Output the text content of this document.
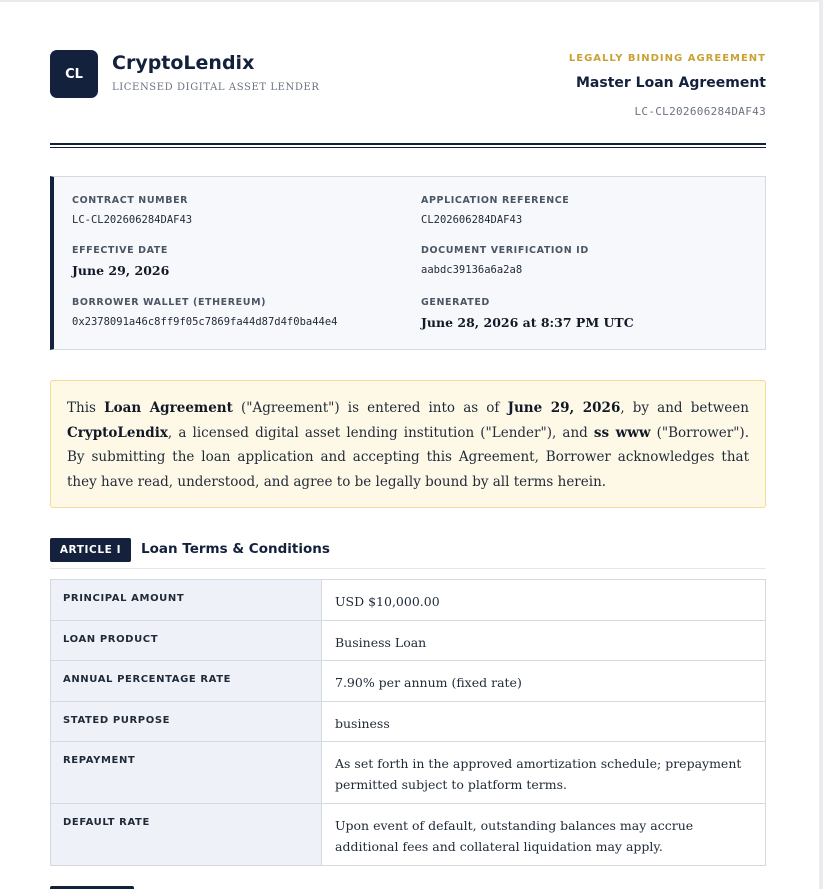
CL	CryptoLendix
LICENSED DIGITAL ASSET LENDER
LEGALLY BINDING AGREEMENT
Master Loan Agreement
LC-CL202606284DAF43
CONTRACT NUMBER
LC-CL202606284DAF43
APPLICATION REFERENCE
CL202606284DAF43
EFFECTIVE DATE
June 29, 2026
DOCUMENT VERIFICATION ID
aabdc39136a6a2a8
BORROWER WALLET (ETHEREUM)
0x2378091a46c8ff9f05c7869fa44d87d4f0ba44e4
GENERATED
June 28, 2026 at 8:37 PM UTC
This Loan Agreement ("Agreement") is entered into as of June 29, 2026, by and between CryptoLendix, a licensed digital asset lending institution ("Lender"), and ss www ("Borrower"). By submitting the loan application and accepting this Agreement, Borrower acknowledges that they have read, understood, and agree to be legally bound by all terms herein.
ARTICLE I	Loan Terms & Conditions
PRINCIPAL AMOUNT	USD $10,000.00

LOAN PRODUCT	Business Loan

ANNUAL PERCENTAGE RATE	7.90% per annum (fixed rate)

STATED PURPOSE	business

REPAYMENT	As set forth in the approved amortization schedule; prepayment permitted subject to platform terms.

DEFAULT RATE	Upon event of default, outstanding balances may accrue additional fees and collateral liquidation may apply.
